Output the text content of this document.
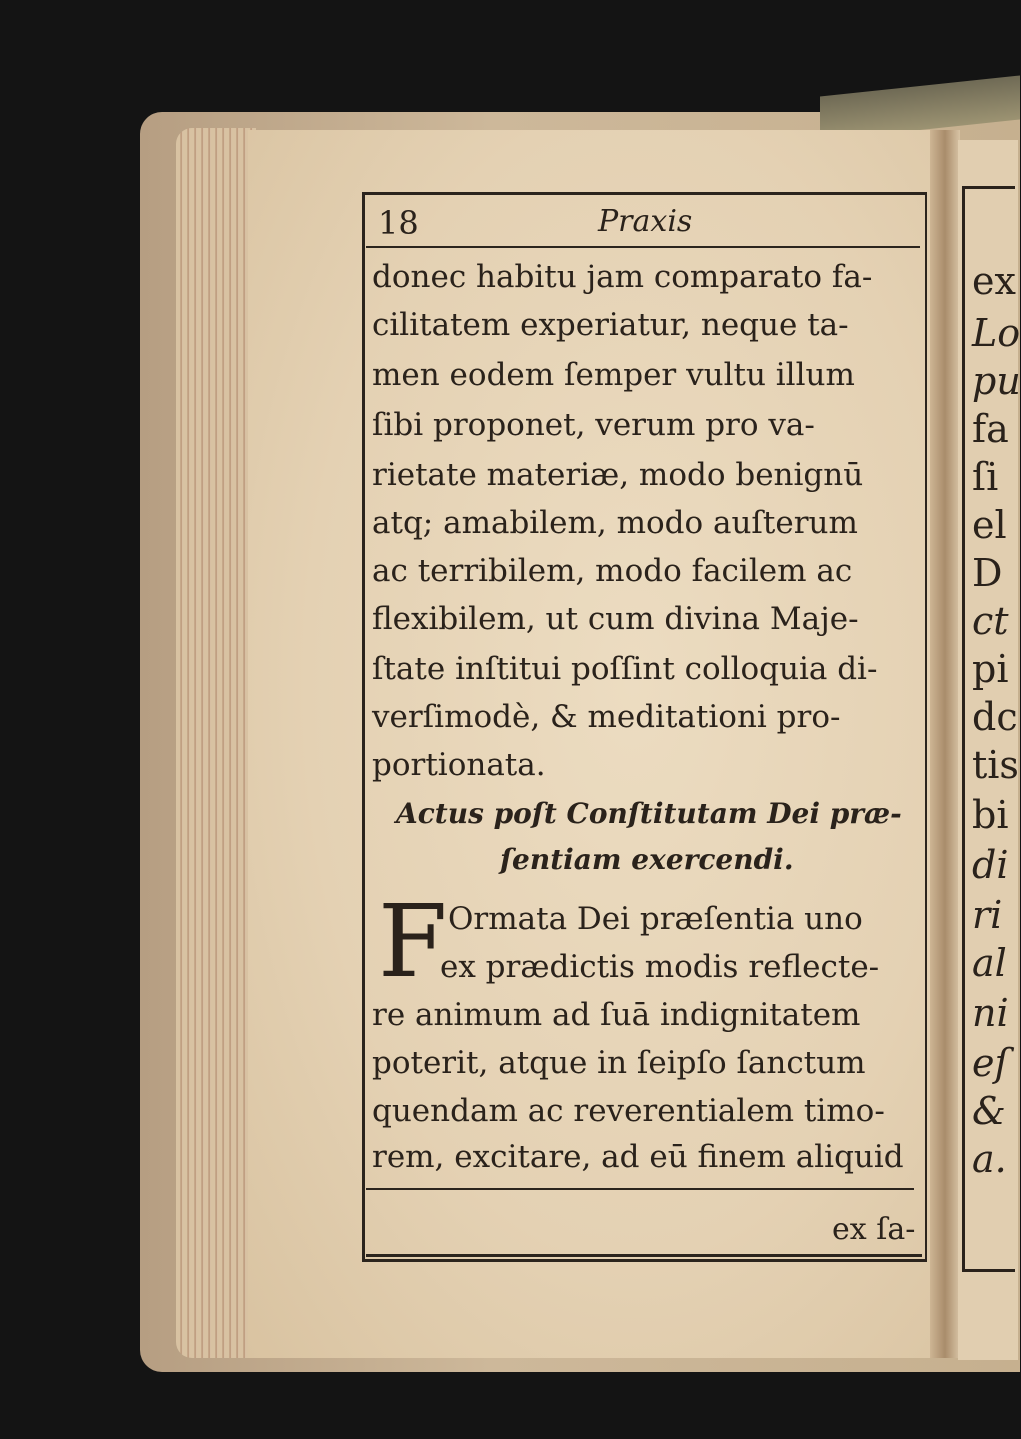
18	Praxis
donec habitu jam comparato fa-
cilitatem experiatur, neque ta-
men eodem ſemper vultu illum
ſibi proponet, verum pro va-
rietate materiæ, modo benignū
atq; amabilem, modo auſterum
ac terribilem, modo facilem ac
flexibilem, ut cum divina Maje-
ſtate inſtitui poſſint colloquia di-
verſimodè, & meditationi pro-
portionata.
Actus poſt Conſtitutam Dei præ-
ſentiam exercendi.
F Ormata Dei præſentia uno
ex prædictis modis reflecte-
re animum ad ſuā indignitatem
poterit, atque in ſeipſo ſanctum
quendam ac reverentialem timo-
rem, excitare, ad eū finem aliquid
ex ſa-
ex
Lo
pu
fa
ſi
el
D
ct
pi
dc
tis
bi
di
ri
al
ni
eſ
&
a.
